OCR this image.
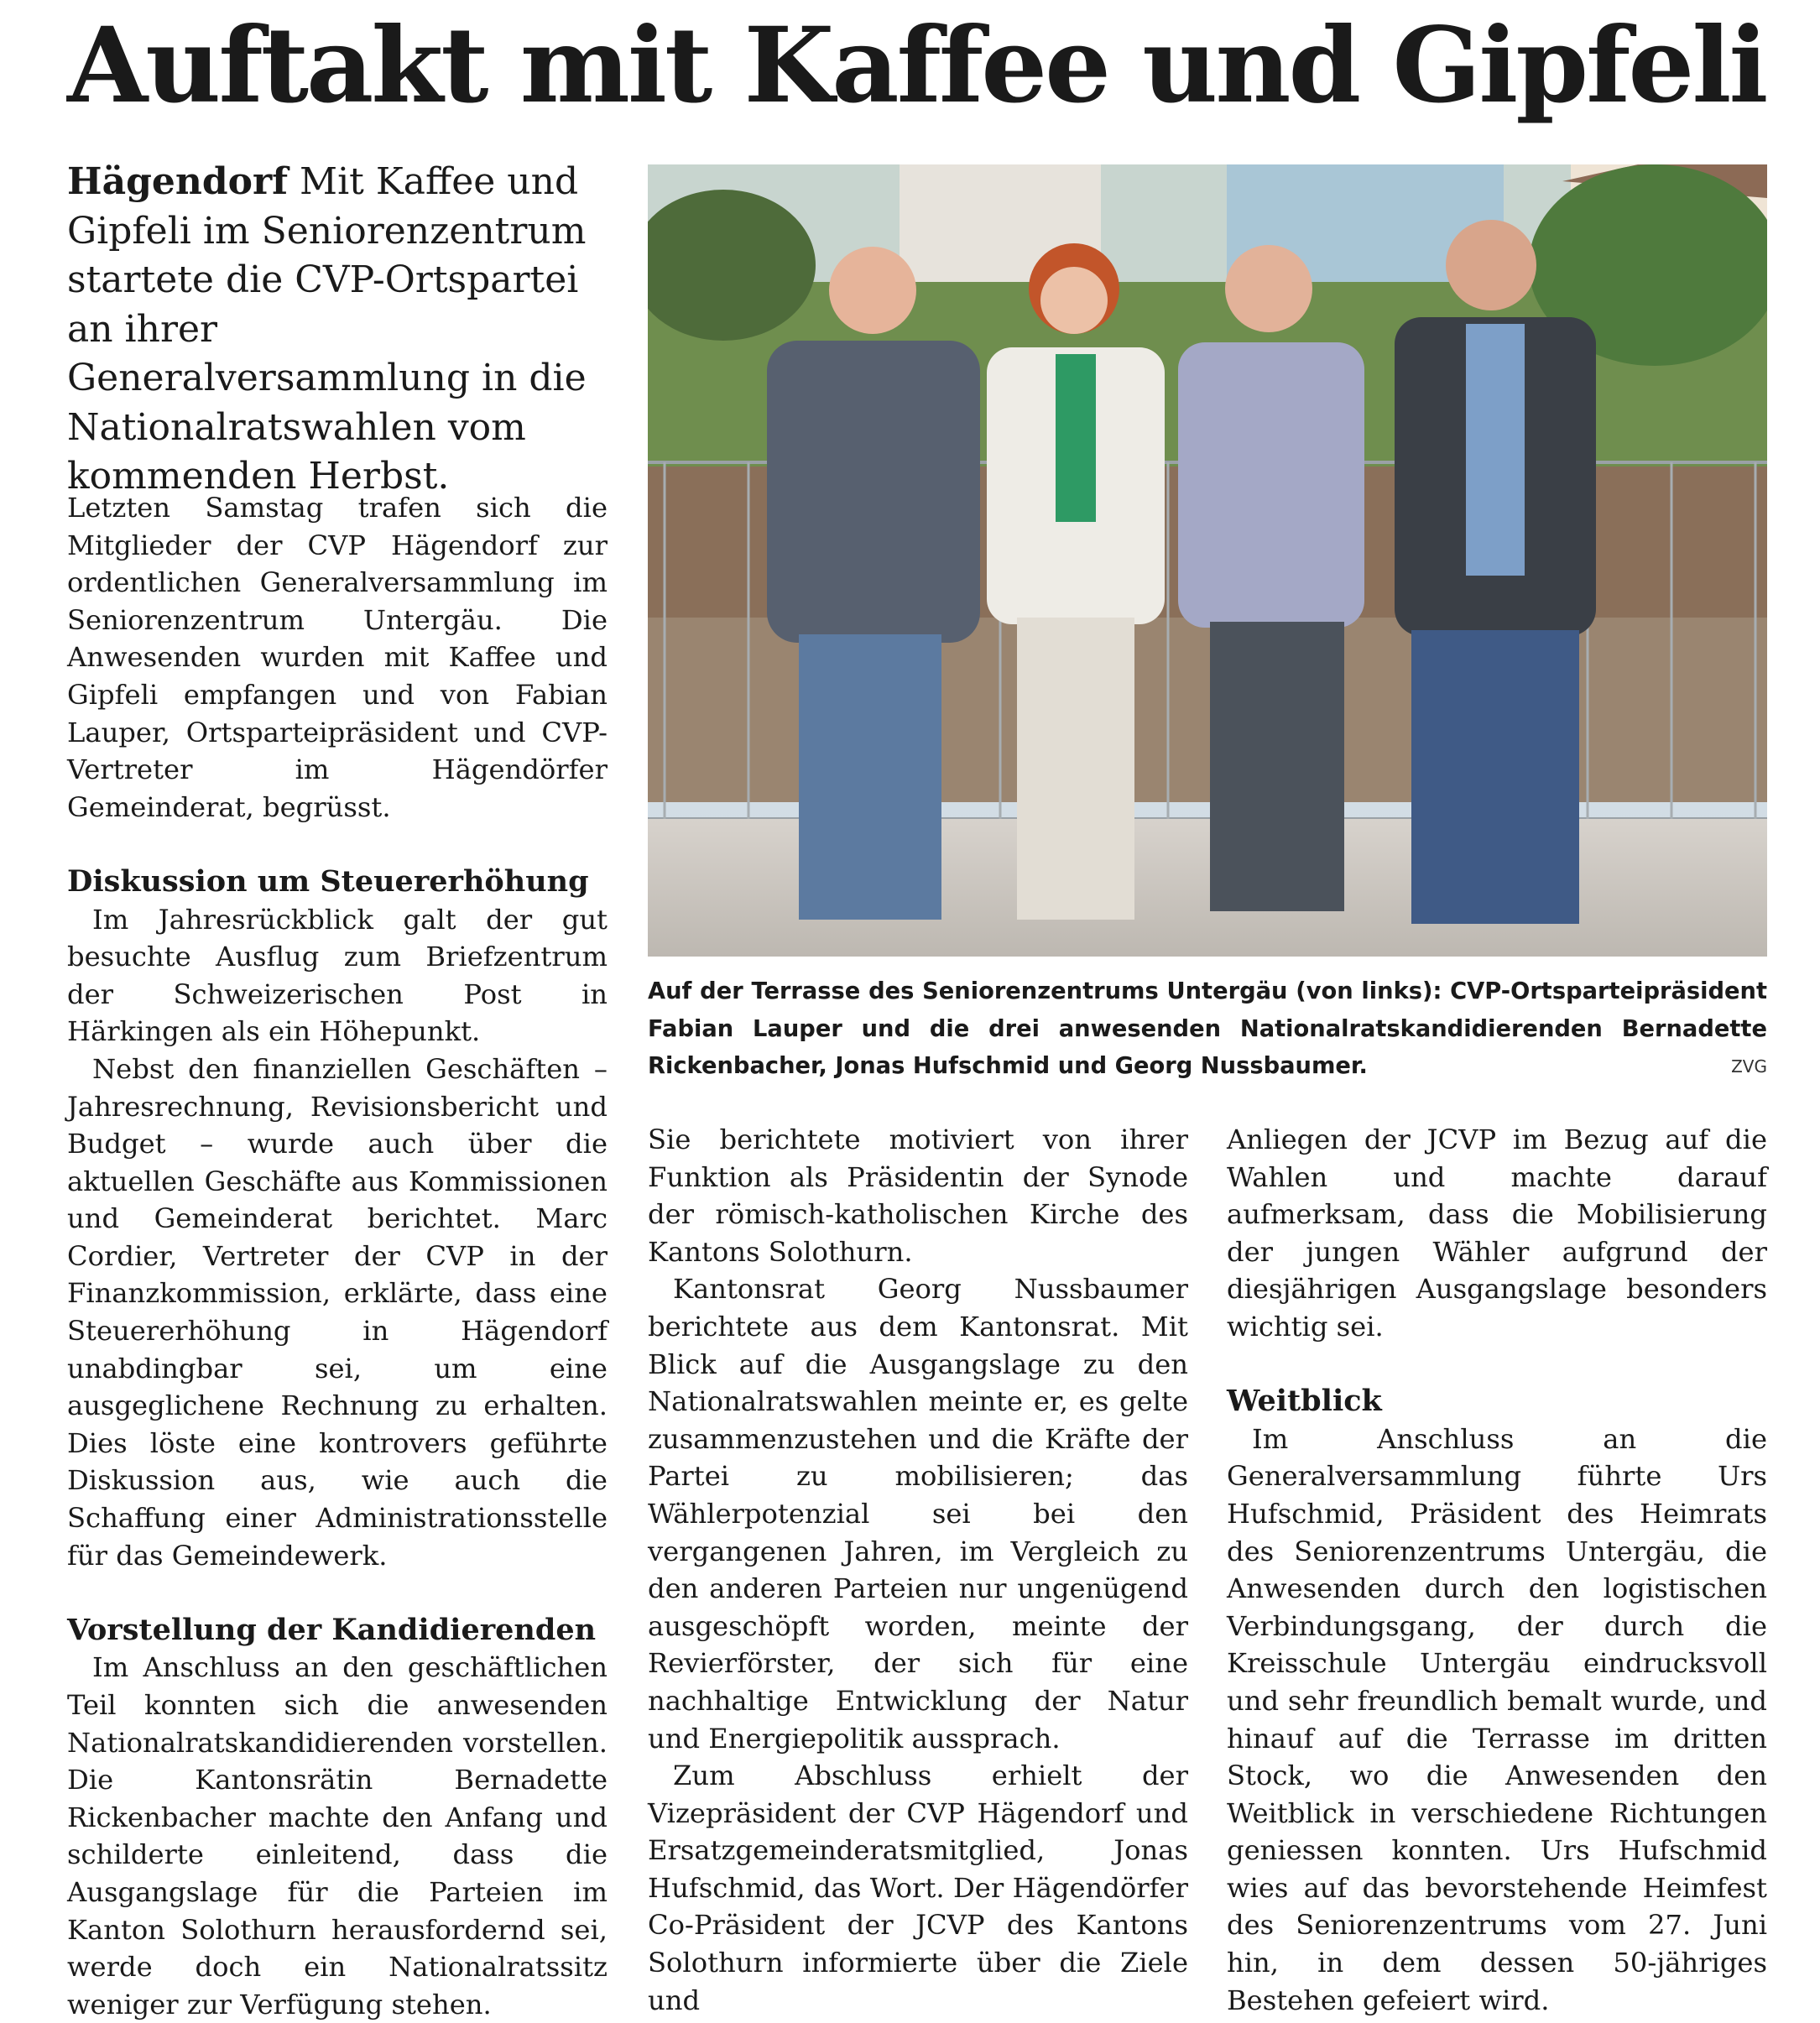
Auftakt mit Kaffee und Gipfeli

Hägendorf Mit Kaffee und Gipfeli im Seniorenzentrum startete die CVP-Ortspartei an ihrer Generalversammlung in die Nationalratswahlen vom kommenden Herbst.

Letzten Samstag trafen sich die Mitglieder der CVP Hägendorf zur ordentlichen Generalversammlung im Seniorenzentrum Untergäu. Die Anwesenden wurden mit Kaffee und Gipfeli empfangen und von Fabian Lauper, Ortsparteipräsident und CVP-Vertreter im Hägendörfer Gemeinderat, begrüsst.

Diskussion um Steuererhöhung

Im Jahresrückblick galt der gut besuchte Ausflug zum Briefzentrum der Schweizerischen Post in Härkingen als ein Höhepunkt.

Nebst den finanziellen Geschäften – Jahresrechnung, Revisionsbericht und Budget – wurde auch über die aktuellen Geschäfte aus Kommissionen und Gemeinderat berichtet. Marc Cordier, Vertreter der CVP in der Finanzkommission, erklärte, dass eine Steuererhöhung in Hägendorf unabdingbar sei, um eine ausgeglichene Rechnung zu erhalten. Dies löste eine kontrovers geführte Diskussion aus, wie auch die Schaffung einer Administrationsstelle für das Gemeindewerk.

Vorstellung der Kandidierenden

Im Anschluss an den geschäftlichen Teil konnten sich die anwesenden Nationalratskandidierenden vorstellen. Die Kantonsrätin Bernadette Rickenbacher machte den Anfang und schilderte einleitend, dass die Ausgangslage für die Parteien im Kanton Solothurn herausfordernd sei, werde doch ein Nationalratssitz weniger zur Verfügung stehen.

Auf der Terrasse des Seniorenzentrums Untergäu (von links): CVP-Ortsparteipräsident Fabian Lauper und die drei anwesenden Nationalratskandidierenden Bernadette Rickenbacher, Jonas Hufschmid und Georg Nussbaumer.	ZVG

Sie berichtete motiviert von ihrer Funktion als Präsidentin der Synode der römisch-katholischen Kirche des Kantons Solothurn.

Kantonsrat Georg Nussbaumer berichtete aus dem Kantonsrat. Mit Blick auf die Ausgangslage zu den Nationalratswahlen meinte er, es gelte zusammenzustehen und die Kräfte der Partei zu mobilisieren; das Wählerpotenzial sei bei den vergangenen Jahren, im Vergleich zu den anderen Parteien nur ungenügend ausgeschöpft worden, meinte der Revierförster, der sich für eine nachhaltige Entwicklung der Natur und Energiepolitik aussprach.

Zum Abschluss erhielt der Vizepräsident der CVP Hägendorf und Ersatzgemeinderatsmitglied, Jonas Hufschmid, das Wort. Der Hägendörfer Co-Präsident der JCVP des Kantons Solothurn informierte über die Ziele und

Anliegen der JCVP im Bezug auf die Wahlen und machte darauf aufmerksam, dass die Mobilisierung der jungen Wähler aufgrund der diesjährigen Ausgangslage besonders wichtig sei.

Weitblick

Im Anschluss an die Generalversammlung führte Urs Hufschmid, Präsident des Heimrats des Seniorenzentrums Untergäu, die Anwesenden durch den logistischen Verbindungsgang, der durch die Kreisschule Untergäu eindrucksvoll und sehr freundlich bemalt wurde, und hinauf auf die Terrasse im dritten Stock, wo die Anwesenden den Weitblick in verschiedene Richtungen geniessen konnten. Urs Hufschmid wies auf das bevorstehende Heimfest des Seniorenzentrums vom 27. Juni hin, in dem dessen 50-jähriges Bestehen gefeiert wird.
